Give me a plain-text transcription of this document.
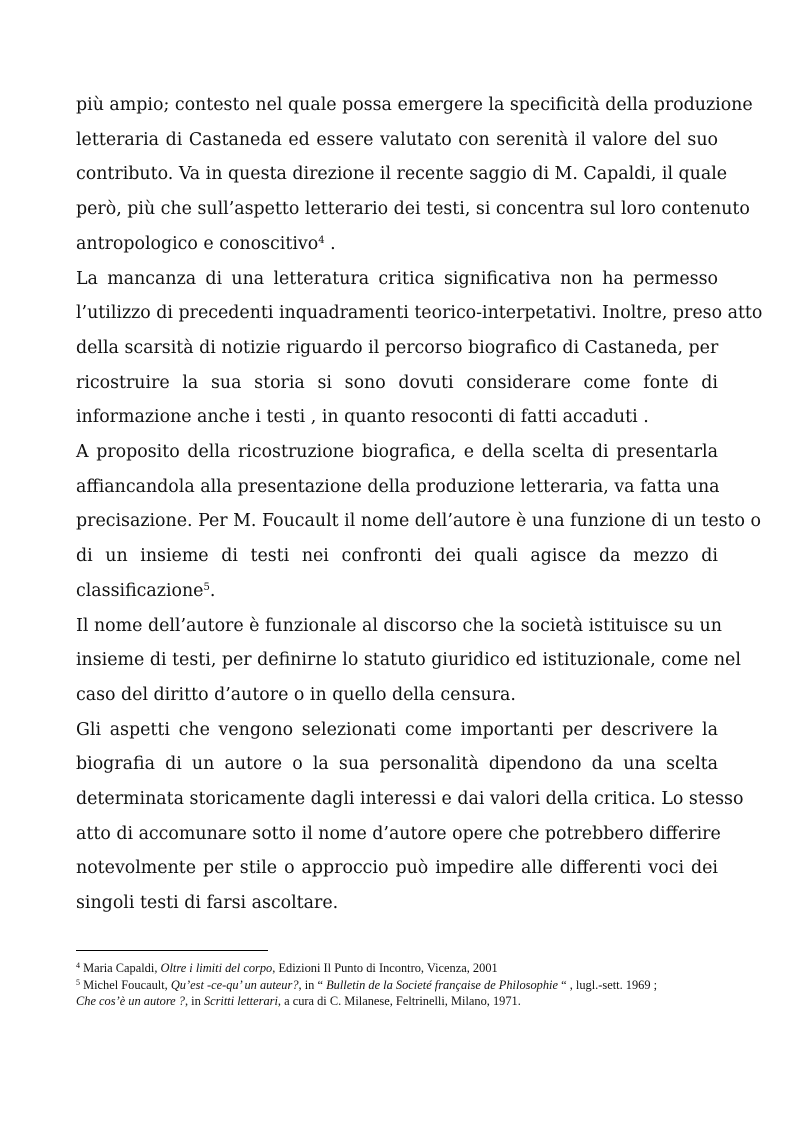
più ampio; contesto nel quale possa emergere la specificità della produzione
letteraria di Castaneda ed essere valutato con serenità il valore del suo
contributo. Va in questa direzione il recente saggio di M. Capaldi, il quale
però, più che sull’aspetto letterario dei testi, si concentra sul loro contenuto
antropologico e conoscitivo$^4$ .

La mancanza di una letteratura critica significativa non ha permesso
l’utilizzo di precedenti inquadramenti teorico-interpetativi. Inoltre, preso atto
della scarsità di notizie riguardo il percorso biografico di Castaneda, per
ricostruire la sua storia si sono dovuti considerare come fonte di
informazione anche i testi , in quanto resoconti di fatti accaduti .

A proposito della ricostruzione biografica, e della scelta di presentarla
affiancandola alla presentazione della produzione letteraria, va fatta una
precisazione. Per M. Foucault il nome dell’autore è una funzione di un testo o
di un insieme di testi nei confronti dei quali agisce da mezzo di
classificazione$^5$.

Il nome dell’autore è funzionale al discorso che la società istituisce su un
insieme di testi, per definirne lo statuto giuridico ed istituzionale, come nel
caso del diritto d’autore o in quello della censura.

Gli aspetti che vengono selezionati come importanti per descrivere la
biografia di un autore o la sua personalità dipendono da una scelta
determinata storicamente dagli interessi e dai valori della critica. Lo stesso
atto di accomunare sotto il nome d’autore opere che potrebbero differire
notevolmente per stile o approccio può impedire alle differenti voci dei
singoli testi di farsi ascoltare.

$^4$ Maria Capaldi, Oltre i limiti del corpo, Edizioni Il Punto di Incontro, Vicenza, 2001
$^5$ Michel Foucault, Qu’est -ce-qu’ un auteur?, in “ Bulletin de la Societé française de Philosophie “ , lugl.-sett. 1969 ;
Che cos’è un autore ?, in Scritti letterari, a cura di C. Milanese, Feltrinelli, Milano, 1971.
